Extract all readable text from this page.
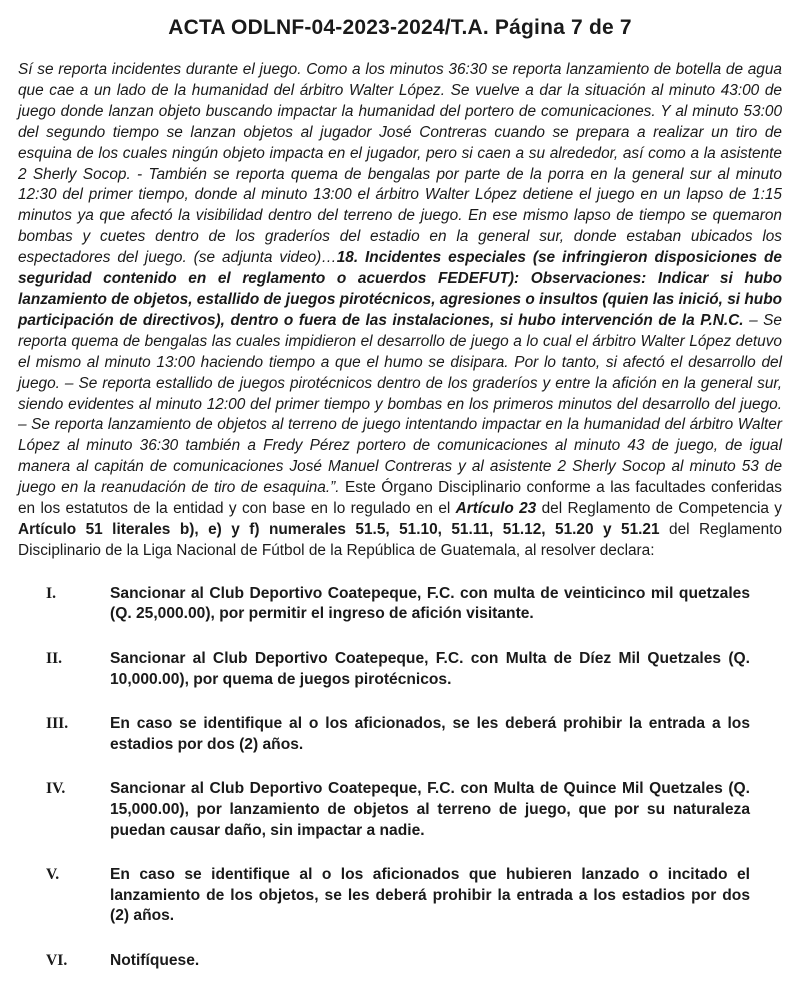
ACTA ODLNF-04-2023-2024/T.A. Página 7 de 7

Sí se reporta incidentes durante el juego. Como a los minutos 36:30 se reporta lanzamiento de botella de agua que cae a un lado de la humanidad del árbitro Walter López. Se vuelve a dar la situación al minuto 43:00 de juego donde lanzan objeto buscando impactar la humanidad del portero de comunicaciones. Y al minuto 53:00 del segundo tiempo se lanzan objetos al jugador José Contreras cuando se prepara a realizar un tiro de esquina de los cuales ningún objeto impacta en el jugador, pero si caen a su alrededor, así como a la asistente 2 Sherly Socop. - También se reporta quema de bengalas por parte de la porra en la general sur al minuto 12:30 del primer tiempo, donde al minuto 13:00 el árbitro Walter López detiene el juego en un lapso de 1:15 minutos ya que afectó la visibilidad dentro del terreno de juego. En ese mismo lapso de tiempo se quemaron bombas y cuetes dentro de los graderíos del estadio en la general sur, donde estaban ubicados los espectadores del juego. (se adjunta video)…18. Incidentes especiales (se infringieron disposiciones de seguridad contenido en el reglamento o acuerdos FEDEFUT): Observaciones: Indicar si hubo lanzamiento de objetos, estallido de juegos pirotécnicos, agresiones o insultos (quien las inició, si hubo participación de directivos), dentro o fuera de las instalaciones, si hubo intervención de la P.N.C. – Se reporta quema de bengalas las cuales impidieron el desarrollo de juego a lo cual el árbitro Walter López detuvo el mismo al minuto 13:00 haciendo tiempo a que el humo se disipara. Por lo tanto, si afectó el desarrollo del juego. – Se reporta estallido de juegos pirotécnicos dentro de los graderíos y entre la afición en la general sur, siendo evidentes al minuto 12:00 del primer tiempo y bombas en los primeros minutos del desarrollo del juego. – Se reporta lanzamiento de objetos al terreno de juego intentando impactar en la humanidad del árbitro Walter López al minuto 36:30 también a Fredy Pérez portero de comunicaciones al minuto 43 de juego, de igual manera al capitán de comunicaciones José Manuel Contreras y al asistente 2 Sherly Socop al minuto 53 de juego en la reanudación de tiro de esaquina.”. Este Órgano Disciplinario conforme a las facultades conferidas en los estatutos de la entidad y con base en lo regulado en el Artículo 23 del Reglamento de Competencia y Artículo 51 literales b), e) y f) numerales 51.5, 51.10, 51.11, 51.12, 51.20 y 51.21 del Reglamento Disciplinario de la Liga Nacional de Fútbol de la República de Guatemala, al resolver declara:

I.	Sancionar al Club Deportivo Coatepeque, F.C. con multa de veinticinco mil quetzales (Q. 25,000.00), por permitir el ingreso de afición visitante.
II.	Sancionar al Club Deportivo Coatepeque, F.C. con Multa de Díez Mil Quetzales (Q. 10,000.00), por quema de juegos pirotécnicos.
III.	En caso se identifique al o los aficionados, se les deberá prohibir la entrada a los estadios por dos (2) años.
IV.	Sancionar al Club Deportivo Coatepeque, F.C. con Multa de Quince Mil Quetzales (Q. 15,000.00), por lanzamiento de objetos al terreno de juego, que por su naturaleza puedan causar daño, sin impactar a nadie.
V.	En caso se identifique al o los aficionados que hubieren lanzado o incitado el lanzamiento de los objetos, se les deberá prohibir la entrada a los estadios por dos (2) años.
VI.	Notifíquese.
